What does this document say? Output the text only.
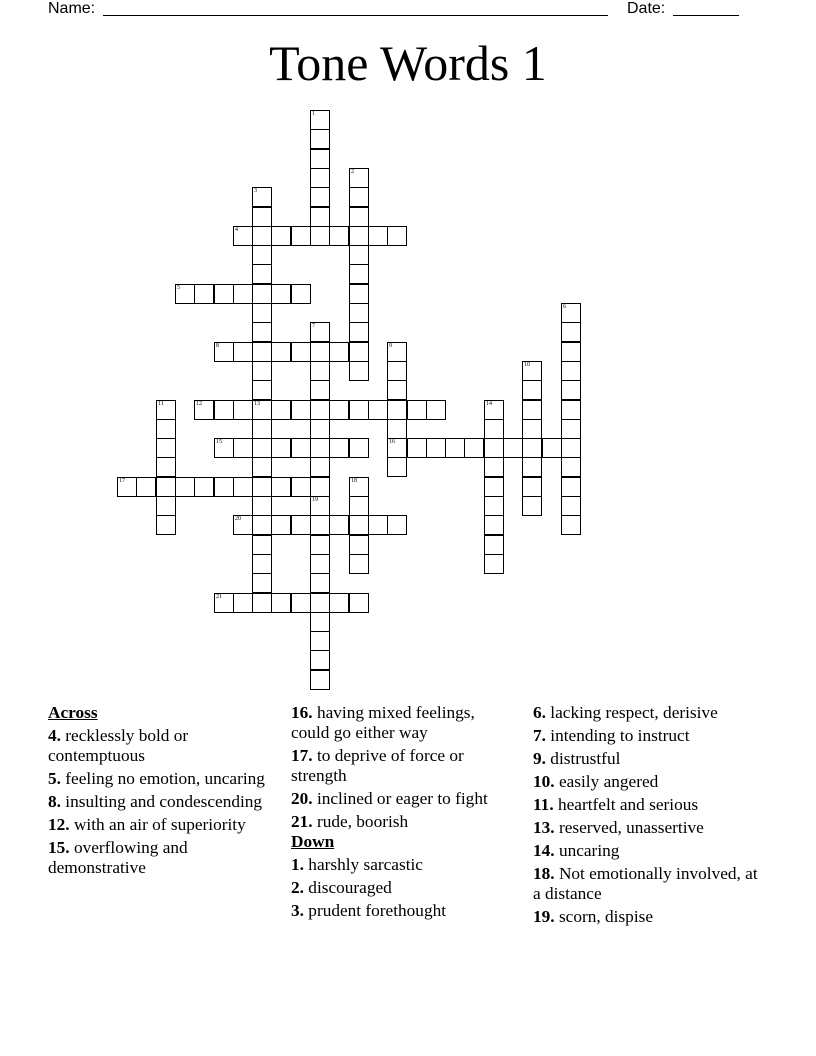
Name:	Date:
Tone Words 1
1
2
3
13
4
5
6
7
8	9
16
10
11	12	14
15
17	18
19
20
21
Across
4. recklessly bold or contemptuous
5. feeling no emotion, uncaring
8. insulting and condescending
12. with an air of superiority
15. overflowing and demonstrative
16. having mixed feelings, could go either way
17. to deprive of force or strength
20. inclined or eager to fight
21. rude, boorish
Down
1. harshly sarcastic
2. discouraged
3. prudent forethought
6. lacking respect, derisive
7. intending to instruct
9. distrustful
10. easily angered
11. heartfelt and serious
13. reserved, unassertive
14. uncaring
18. Not emotionally involved, at a distance
19. scorn, dispise
